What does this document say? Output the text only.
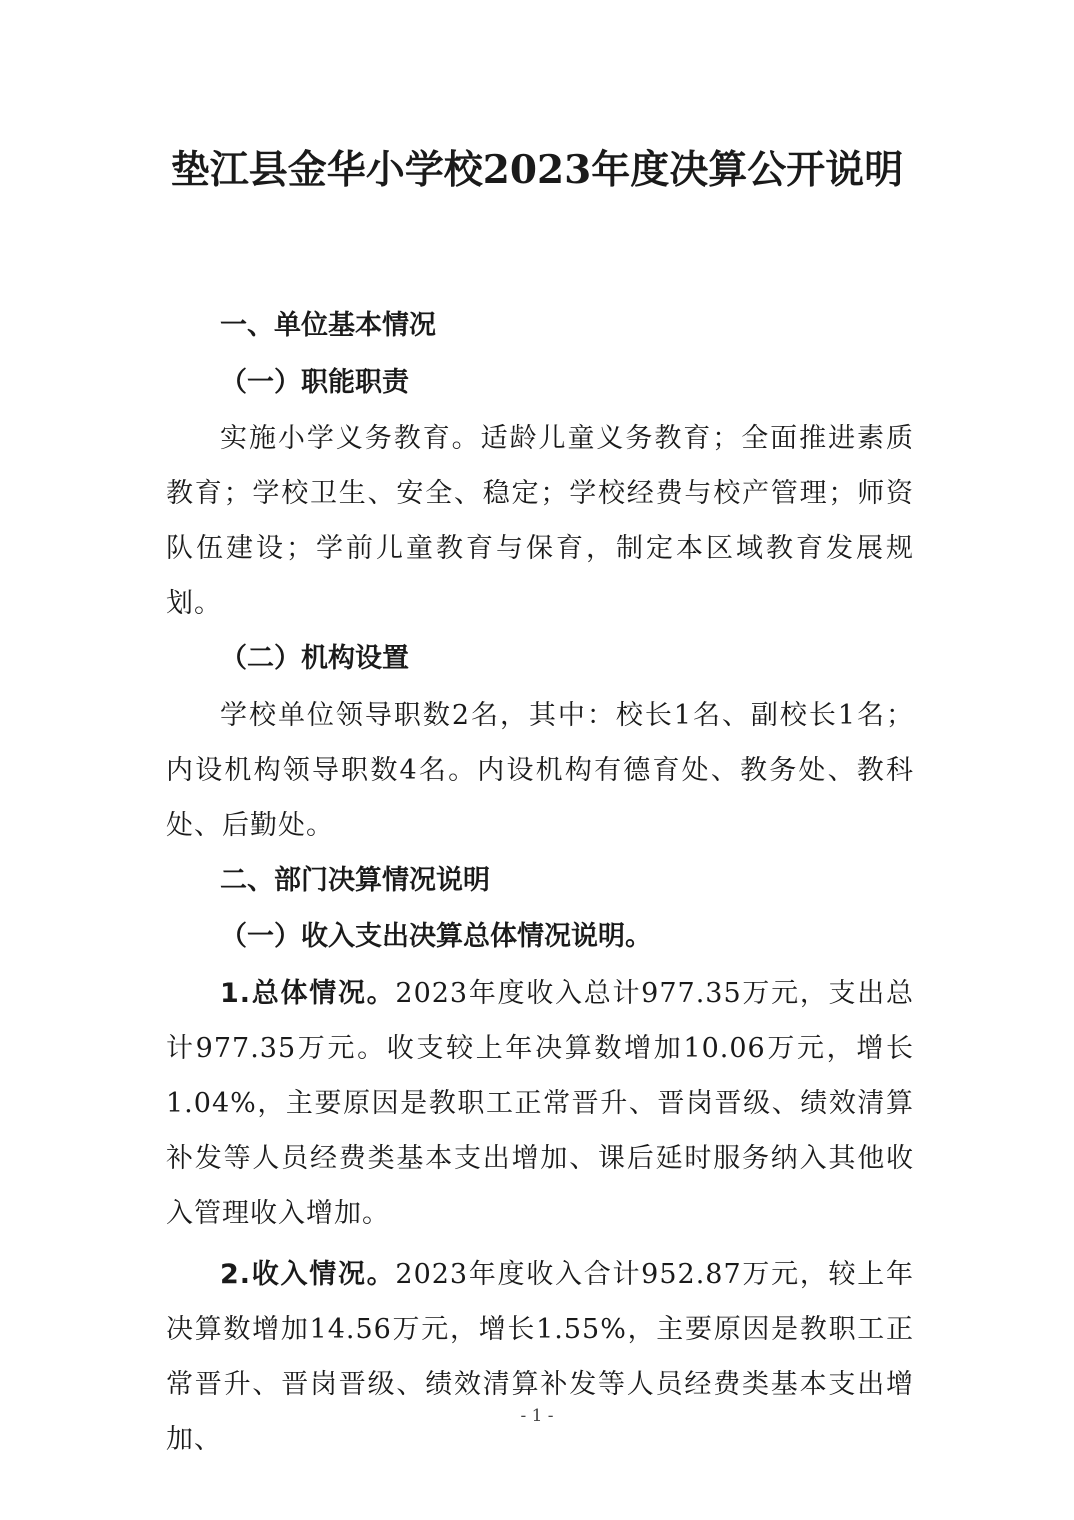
垫江县金华小学校2023年度决算公开说明

一、单位基本情况

（一）职能职责

实施小学义务教育。适龄儿童义务教育；全面推进素质教育；学校卫生、安全、稳定；学校经费与校产管理；师资队伍建设；学前儿童教育与保育，制定本区域教育发展规划。

（二）机构设置

学校单位领导职数2名，其中：校长1名、副校长1名；内设机构领导职数4名。内设机构有德育处、教务处、教科处、后勤处。

二、部门决算情况说明

（一）收入支出决算总体情况说明。

1.总体情况。2023年度收入总计977.35万元，支出总计977.35万元。收支较上年决算数增加10.06万元，增长1.04%，主要原因是教职工正常晋升、晋岗晋级、绩效清算补发等人员经费类基本支出增加、课后延时服务纳入其他收入管理收入增加。

2.收入情况。2023年度收入合计952.87万元，较上年决算数增加14.56万元，增长1.55%，主要原因是教职工正常晋升、晋岗晋级、绩效清算补发等人员经费类基本支出增加、

- 1 -
